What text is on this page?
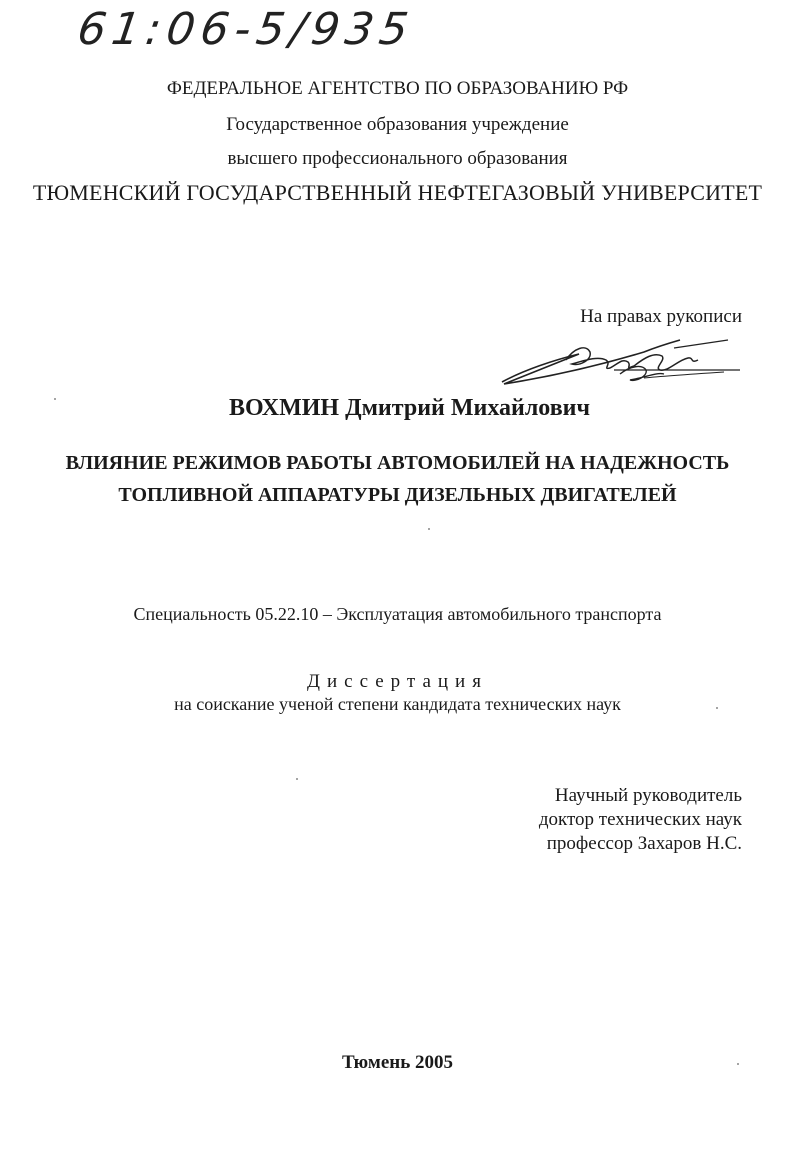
61:06-5/935
ФЕДЕРАЛЬНОЕ АГЕНТСТВО ПО ОБРАЗОВАНИЮ РФ
Государственное образования учреждение
высшего профессионального образования
ТЮМЕНСКИЙ ГОСУДАРСТВЕННЫЙ НЕФТЕГАЗОВЫЙ УНИВЕРСИТЕТ
На правах рукописи
ВОХМИН Дмитрий Михайлович
ВЛИЯНИЕ РЕЖИМОВ РАБОТЫ АВТОМОБИЛЕЙ НА НАДЕЖНОСТЬ
ТОПЛИВНОЙ АППАРАТУРЫ ДИЗЕЛЬНЫХ ДВИГАТЕЛЕЙ
Специальность 05.22.10 – Эксплуатация автомобильного транспорта
Диссертация
на соискание ученой степени кандидата технических наук
Научный руководитель
доктор технических наук
профессор Захаров Н.С.
Тюмень 2005
